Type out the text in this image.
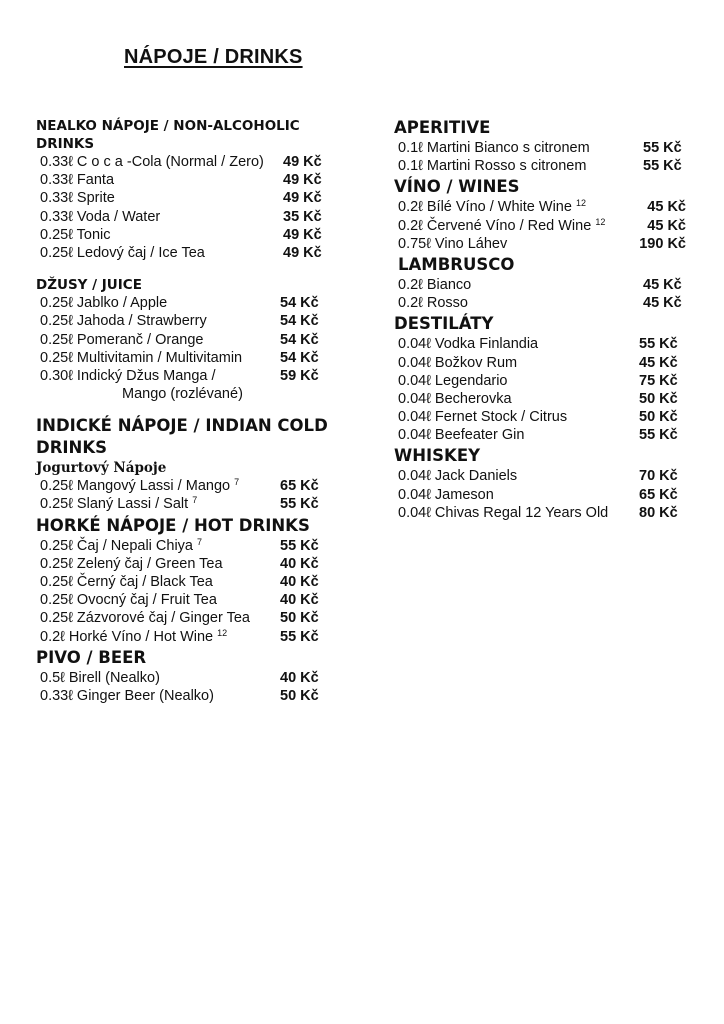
NÁPOJE / DRINKS
NEALKO NÁPOJE / NON-ALCOHOLIC
DRINKS
0.33ℓ C o c a -Cola (Normal / Zero) 49 Kč
0.33ℓ Fanta	49 Kč
0.33ℓ Sprite	49 Kč
0.33ℓ Voda / Water	35 Kč
0.25ℓ Tonic	49 Kč
0.25ℓ Ledový čaj / Ice Tea	49 Kč
DŽUSY / JUICE
0.25ℓ Jablko / Apple	54 Kč
0.25ℓ Jahoda / Strawberry	54 Kč
0.25ℓ Pomeranč / Orange	54 Kč
0.25ℓ Multivitamin / Multivitamin	54 Kč
0.30ℓ Indický Džus Manga /	59 Kč
Mango (rozlévané)
INDICKÉ NÁPOJE / INDIAN COLD
DRINKS
Jogurtový Nápoje
0.25ℓ Mangový Lassi / Mango $^7$	65 Kč
0.25ℓ Slaný Lassi / Salt $^7$	55 Kč
HORKÉ NÁPOJE / HOT DRINKS
0.25ℓ Čaj / Nepali Chiya $^7$	55 Kč
0.25ℓ Zelený čaj / Green Tea	40 Kč
0.25ℓ Černý čaj / Black Tea	40 Kč
0.25ℓ Ovocný čaj / Fruit Tea	40 Kč
0.25ℓ Zázvorové čaj / Ginger Tea 50 Kč
0.2ℓ Horké Víno / Hot Wine $^{12}$	55 Kč
PIVO / BEER
0.5ℓ Birell (Nealko)	40 Kč
0.33ℓ Ginger Beer (Nealko)	50 Kč
APERITIVE
0.1ℓ Martini Bianco s citronem	55 Kč
0.1ℓ Martini Rosso s citronem	55 Kč
VÍNO / WINES
0.2ℓ Bílé Víno / White Wine $^{12}$	45 Kč
0.2ℓ Červené Víno / Red Wine $^{12}$	45 Kč
0.75ℓ Vino Láhev	190 Kč
LAMBRUSCO
0.2ℓ Bianco	45 Kč
0.2ℓ Rosso	45 Kč
DESTILÁTY
0.04ℓ Vodka Finlandia	55 Kč
0.04ℓ Božkov Rum	45 Kč
0.04ℓ Legendario	75 Kč
0.04ℓ Becherovka	50 Kč
0.04ℓ Fernet Stock / Citrus	50 Kč
0.04ℓ Beefeater Gin	55 Kč
WHISKEY
0.04ℓ Jack Daniels	70 Kč
0.04ℓ Jameson	65 Kč
0.04ℓ Chivas Regal 12 Years Old 80 Kč
